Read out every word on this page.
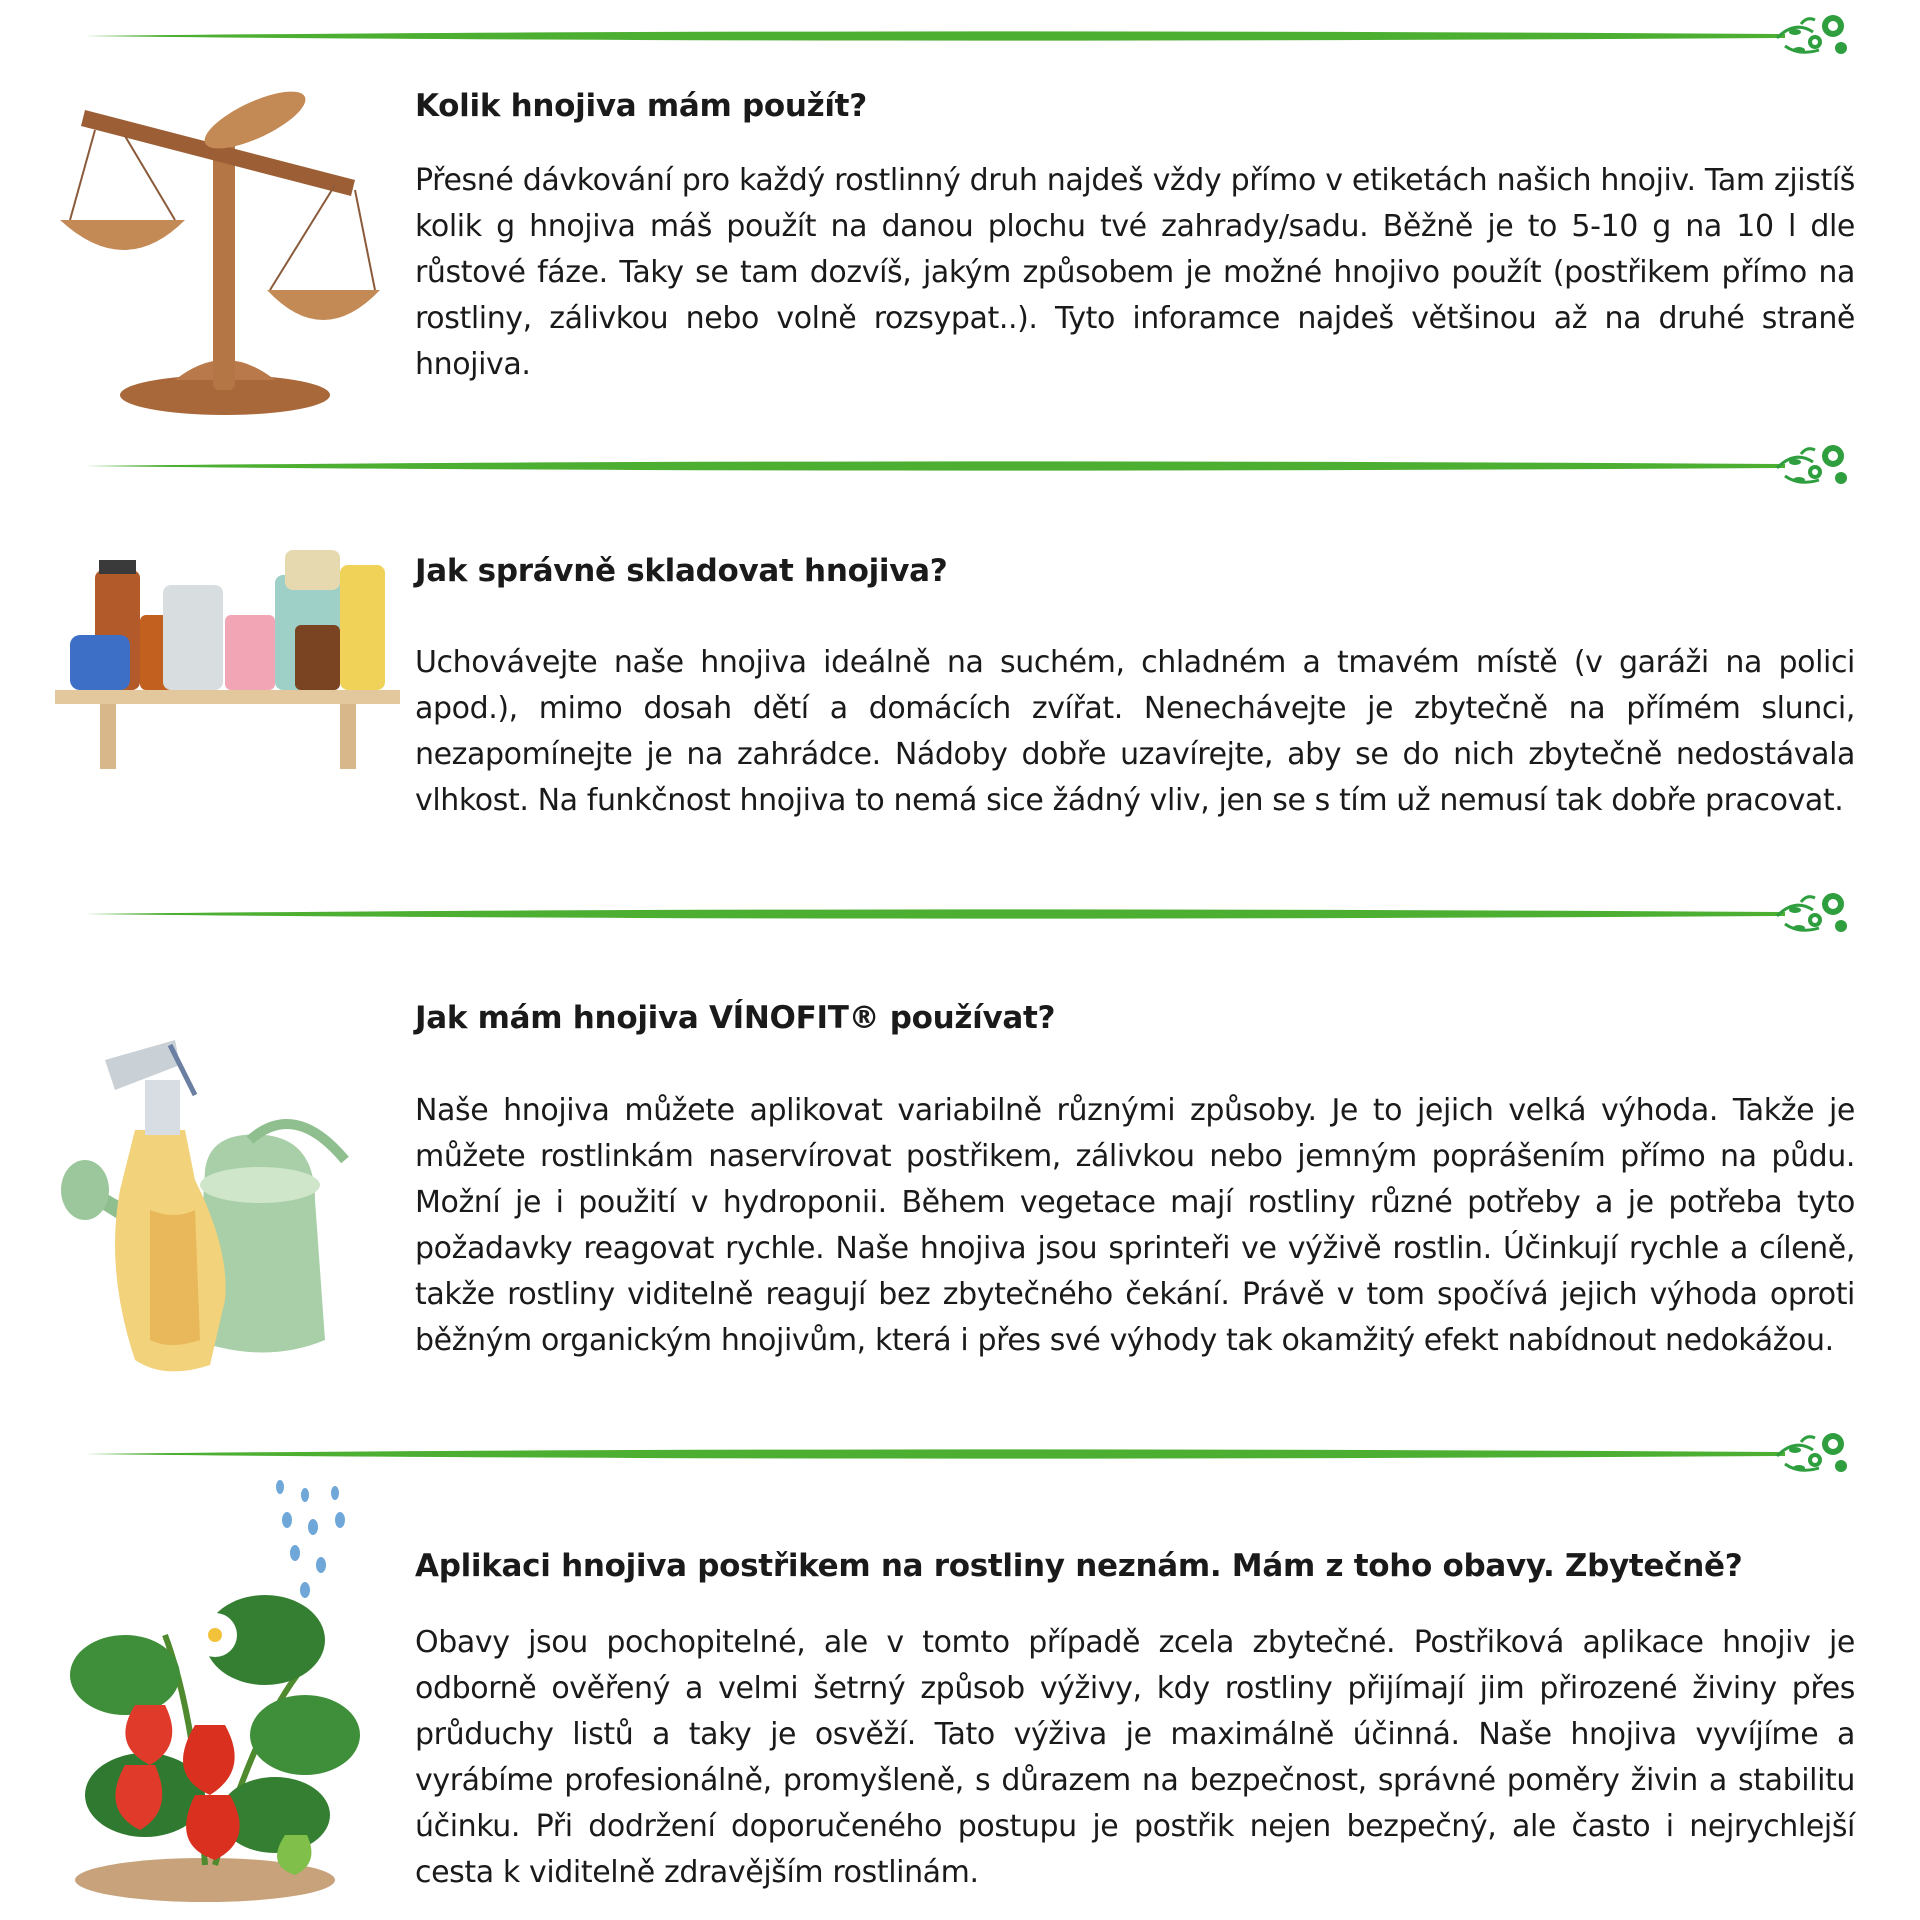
Kolik hnojiva mám použít?

Přesné dávkování pro každý rostlinný druh najdeš vždy přímo v etiketách našich hnojiv. Tam zjistíš kolik g hnojiva máš použít na danou plochu tvé zahrady/sadu. Běžně je to 5-10 g na 10 l dle růstové fáze. Taky se tam dozvíš, jakým způsobem je možné hnojivo použít (postřikem přímo na rostliny, zálivkou nebo volně rozsypat..). Tyto inforamce najdeš většinou až na druhé straně hnojiva.

Jak správně skladovat hnojiva?

Uchovávejte naše hnojiva ideálně na suchém, chladném a tmavém místě (v garáži na polici apod.), mimo dosah dětí a domácích zvířat. Nenechávejte je zbytečně na přímém slunci, nezapomínejte je na zahrádce. Nádoby dobře uzavírejte, aby se do nich zbytečně nedostávala vlhkost. Na funkčnost hnojiva to nemá sice žádný vliv, jen se s tím už nemusí tak dobře pracovat.

Jak mám hnojiva VÍNOFIT® používat?

Naše hnojiva můžete aplikovat variabilně různými způsoby. Je to jejich velká výhoda. Takže je můžete rostlinkám naservírovat postřikem, zálivkou nebo jemným poprášením přímo na půdu. Možní je i použití v hydroponii. Během vegetace mají rostliny různé potřeby a je potřeba tyto požadavky reagovat rychle. Naše hnojiva jsou sprinteři ve výživě rostlin. Účinkují rychle a cíleně, takže rostliny viditelně reagují bez zbytečného čekání. Právě v tom spočívá jejich výhoda oproti běžným organickým hnojivům, která i přes své výhody tak okamžitý efekt nabídnout nedokážou.

Aplikaci hnojiva postřikem na rostliny neznám. Mám z toho obavy. Zbytečně?

Obavy jsou pochopitelné, ale v tomto případě zcela zbytečné. Postřiková aplikace hnojiv je odborně ověřený a velmi šetrný způsob výživy, kdy rostliny přijímají jim přirozené živiny přes průduchy listů a taky je osvěží. Tato výživa je maximálně účinná. Naše hnojiva vyvíjíme a vyrábíme profesionálně, promyšleně, s důrazem na bezpečnost, správné poměry živin a stabilitu účinku. Při dodržení doporučeného postupu je postřik nejen bezpečný, ale často i nejrychlejší cesta k viditelně zdravějším rostlinám.
